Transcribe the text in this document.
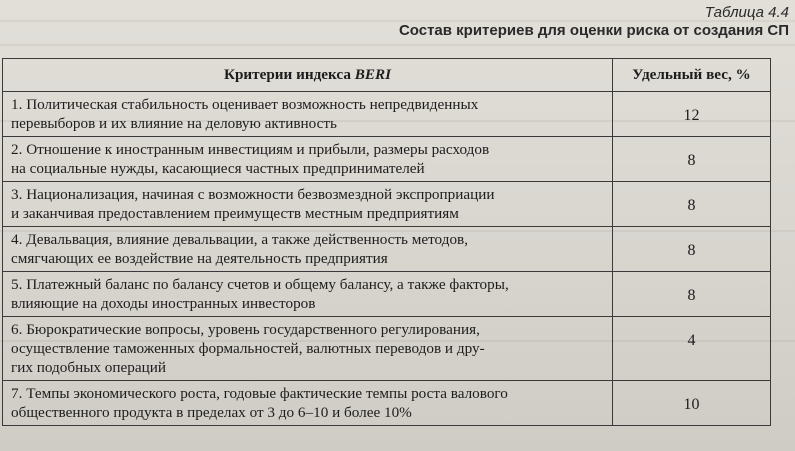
Таблица 4.4
Состав критериев для оценки риска от создания СП
Критерии индекса BERI	Удельный вес, %

1. Политическая стабильность оценивает возможность непредвиденных
перевыборов и их влияние на деловую активность	12

2. Отношение к иностранным инвестициям и прибыли, размеры расходов
на социальные нужды, касающиеся частных предпринимателей	8

3. Национализация, начиная с возможности безвозмездной экспроприации
и заканчивая предоставлением преимуществ местным предприятиям	8

4. Девальвация, влияние девальвации, а также действенность методов,
смягчающих ее воздействие на деятельность предприятия	8

5. Платежный баланс по балансу счетов и общему балансу, а также факторы,
влияющие на доходы иностранных инвесторов	8

6. Бюрократические вопросы, уровень государственного регулирования,
осуществление таможенных формальностей, валютных переводов и дру-
гих подобных операций	4

7. Темпы экономического роста, годовые фактические темпы роста валового
общественного продукта в пределах от 3 до 6–10 и более 10%	10
